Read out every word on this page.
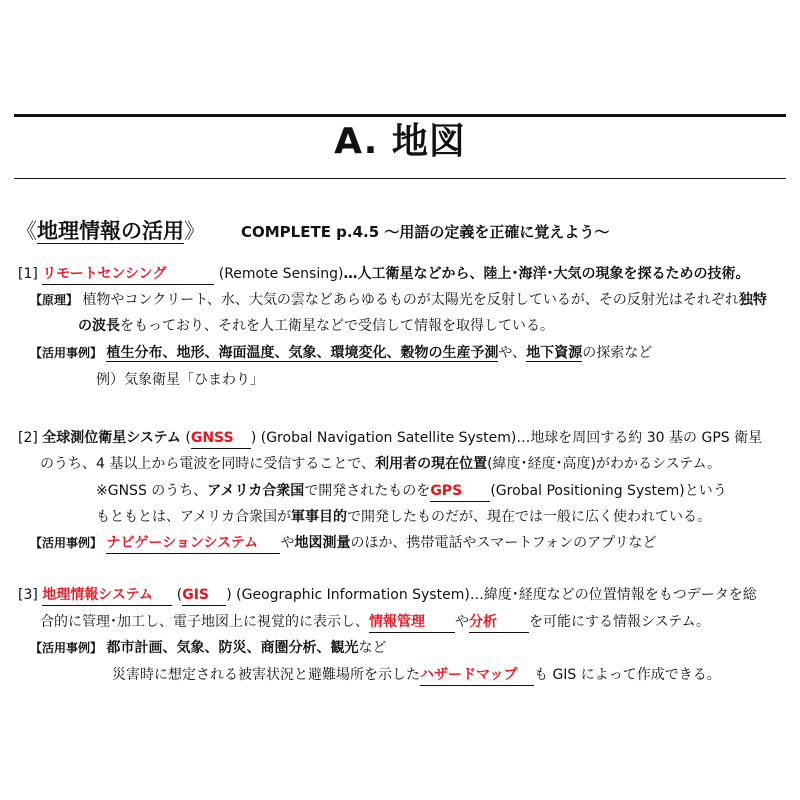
A. 地図
《地理情報の活用》 COMPLETE p.4.5 ～用語の定義を正確に覚えよう～
[1] リモートセンシング	(Remote Sensing)…人工衛星などから、陸上･海洋･大気の現象を探るための技術。
【原理】 植物やコンクリート、水、大気の雲などあらゆるものが太陽光を反射しているが、その反射光はそれぞれ独特
の波長をもっており、それを人工衛星などで受信して情報を取得している。
【活用事例】 植生分布、地形、海面温度、気象、環境変化、穀物の生産予測や、地下資源の探索など
例）気象衛星「ひまわり」
[2] 全球測位衛星システム (GNSS ) (Grobal Navigation Satellite System)…地球を周回する約 30 基の GPS 衛星
のうち、4 基以上から電波を同時に受信することで、利用者の現在位置(緯度･経度･高度)がわかるシステム。
※GNSS のうち、アメリカ合衆国で開発されたものをGPS (Grobal Positioning System)という
もともとは、アメリカ合衆国が軍事目的で開発したものだが、現在では一般に広く使われている。
【活用事例】 ナビゲーションシステム や地図測量のほか、携帯電話やスマートフォンのアプリなど
[3] 地理情報システム (GIS ) (Geographic Information System)…緯度･経度などの位置情報をもつデータを総
合的に管理･加工し、電子地図上に視覚的に表示し、情報管理 や分析 を可能にする情報システム。
【活用事例】 都市計画、気象、防災、商圏分析、観光など
災害時に想定される被害状況と避難場所を示したハザードマップ も GIS によって作成できる。
